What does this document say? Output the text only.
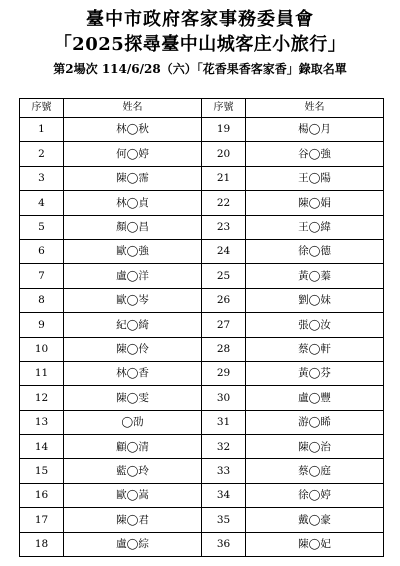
臺中市政府客家事務委員會
「2025探尋臺中山城客庄小旅行」
第2場次 114/6/28（六）「花香果香客家香」錄取名單
序號	姓名	序號	姓名
1	林◯秋	19	楊◯月
2	何◯婷	20	谷◯強
3	陳◯霈	21	王◯陽
4	林◯貞	22	陳◯娟
5	顏◯昌	23	王◯緯
6	歐◯強	24	徐◯德
7	盧◯洋	25	黃◯蓁
8	歐◯岑	26	劉◯妹
9	紀◯綺	27	張◯汝
10	陳◯伶	28	蔡◯軒
11	林◯香	29	黃◯芬
12	陳◯雯	30	盧◯豐
13	◯劭	31	游◯睎
14	顧◯清	32	陳◯治
15	藍◯玲	33	蔡◯庭
16	歐◯嵩	34	徐◯婷
17	陳◯君	35	戴◯豪
18	盧◯綜	36	陳◯妃
